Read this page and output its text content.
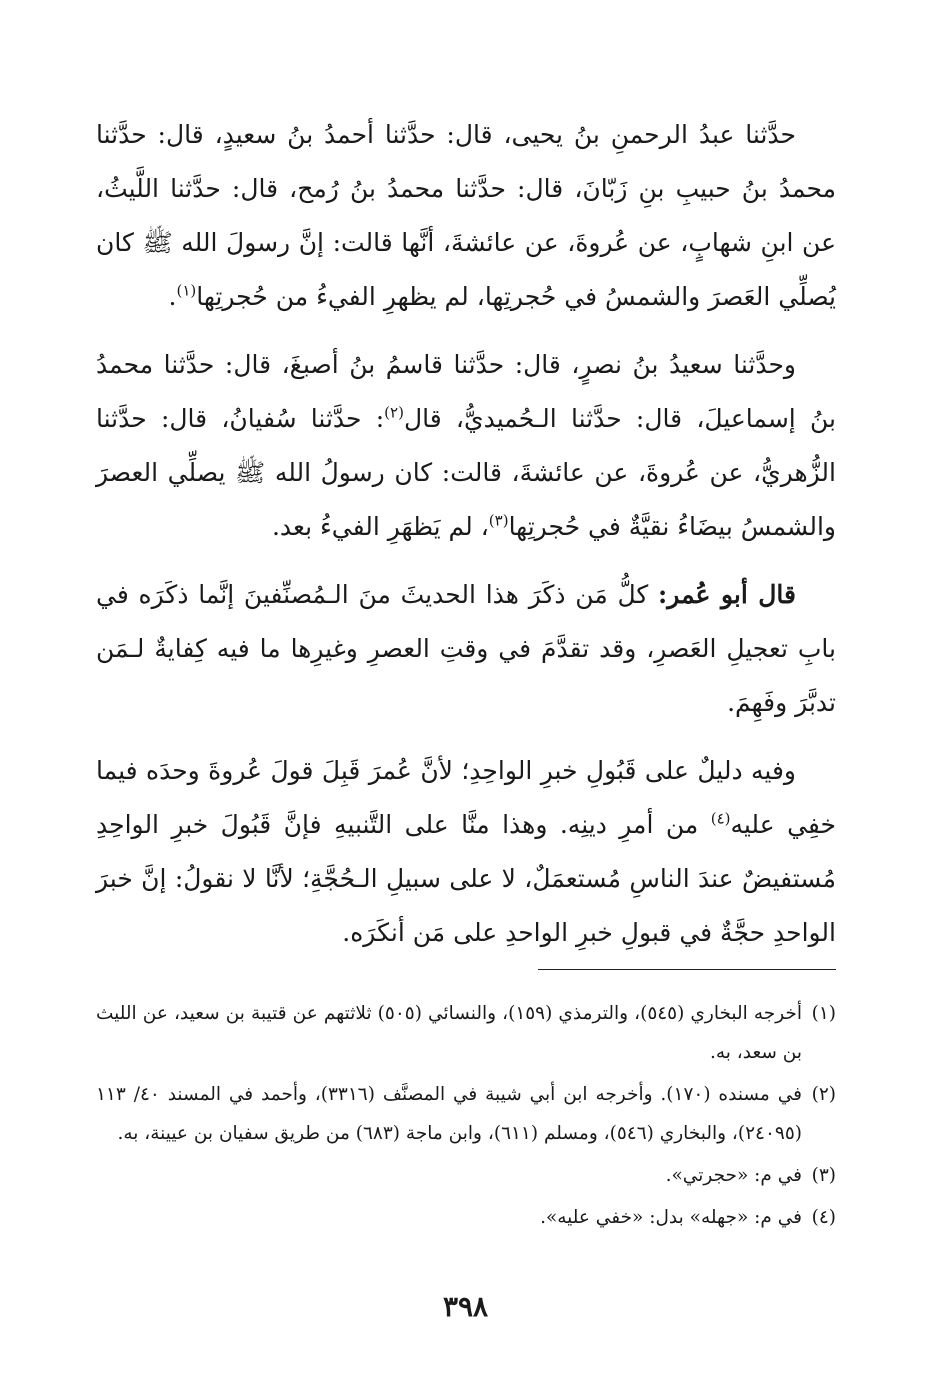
حدَّثنا عبدُ الرحمنِ بنُ يحيى، قال: حدَّثنا أحمدُ بنُ سعيدٍ، قال: حدَّثنا محمدُ بنُ حبيبِ بنِ زَبّانَ، قال: حدَّثنا محمدُ بنُ رُمح، قال: حدَّثنا اللَّيثُ، عن ابنِ شهابٍ، عن عُروةَ، عن عائشةَ، أنَّها قالت: إنَّ رسولَ الله ﷺ كان يُصلِّي العَصرَ والشمسُ في حُجرتِها، لم يظهرِ الفيءُ من حُجرتِها$^{(١)}$.

وحدَّثنا سعيدُ بنُ نصرٍ، قال: حدَّثنا قاسمُ بنُ أصبغَ، قال: حدَّثنا محمدُ بنُ إسماعيلَ، قال: حدَّثنا الـحُميديُّ، قال$^{(٢)}$: حدَّثنا سُفيانُ، قال: حدَّثنا الزُّهريُّ، عن عُروةَ، عن عائشةَ، قالت: كان رسولُ الله ﷺ يصلِّي العصرَ والشمسُ بيضَاءُ نقيَّةٌ في حُجرتِها$^{(٣)}$، لم يَظهَرِ الفيءُ بعد.

قال أبو عُمر: كلُّ مَن ذكَرَ هذا الحديثَ منَ الـمُصنِّفينَ إنَّما ذكَرَه في بابِ تعجيلِ العَصرِ، وقد تقدَّمَ في وقتِ العصرِ وغيرِها ما فيه كِفايةٌ لـمَن تدبَّرَ وفَهِمَ.

وفيه دليلٌ على قَبُولِ خبرِ الواحِدِ؛ لأنَّ عُمرَ قَبِلَ قولَ عُروةَ وحدَه فيما خفِي عليه$^{(٤)}$ من أمرِ دينِه. وهذا منَّا على التَّنبيهِ فإنَّ قَبُولَ خبرِ الواحِدِ مُستفيضٌ عندَ الناسِ مُستعمَلٌ، لا على سبيلِ الـحُجَّةِ؛ لأنَّا لا نقولُ: إنَّ خبرَ الواحدِ حجَّةٌ في قبولِ خبرِ الواحدِ على مَن أنكَرَه.

(١)أخرجه البخاري (٥٤٥)، والترمذي (١٥٩)، والنسائي (٥٠٥) ثلاثتهم عن قتيبة بن سعيد، عن الليث بن سعد، به.

(٢)في مسنده (١٧٠). وأخرجه ابن أبي شيبة في المصنَّف (٣٣١٦)، وأحمد في المسند ٤٠/ ١١٣ (٢٤٠٩٥)، والبخاري (٥٤٦)، ومسلم (٦١١)، وابن ماجة (٦٨٣) من طريق سفيان بن عيينة، به.

(٣)في م: «حجرتي».

(٤)في م: «جهله» بدل: «خفي عليه».

٣٩٨
